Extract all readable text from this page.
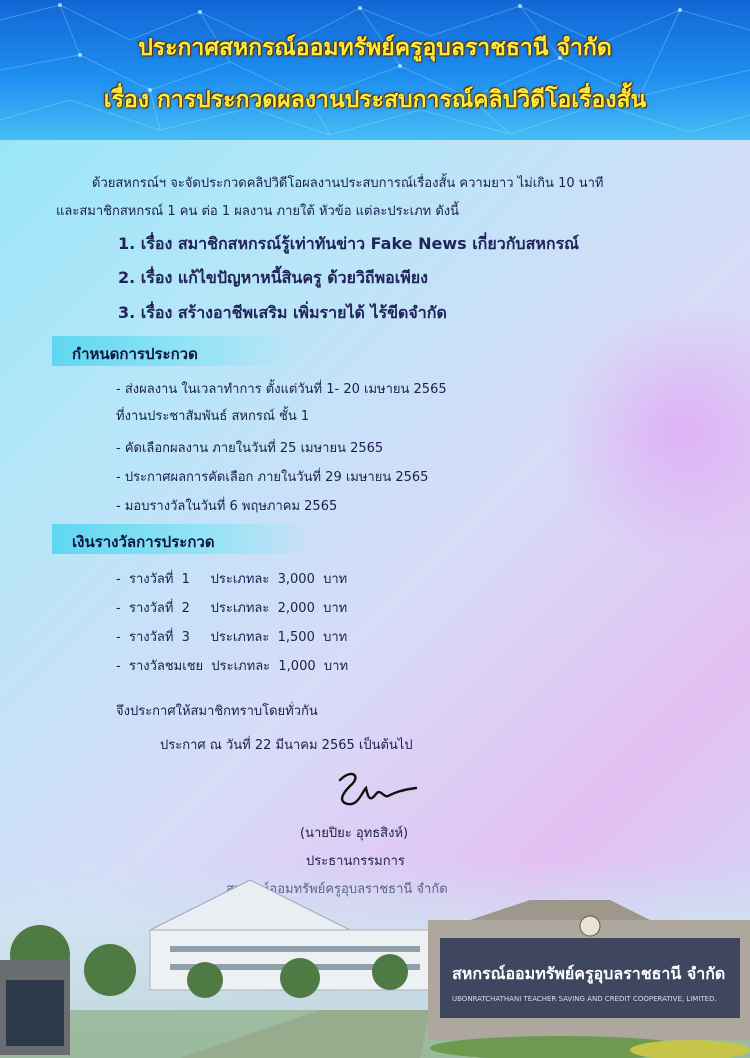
ประกาศสหกรณ์ออมทรัพย์ครูอุบลราชธานี จำกัด
เรื่อง การประกวดผลงานประสบการณ์คลิปวิดีโอเรื่องสั้น
ด้วยสหกรณ์ฯ จะจัดประกวดคลิปวิดีโอผลงานประสบการณ์เรื่องสั้น ความยาว ไม่เกิน 10 นาที
และสมาชิกสหกรณ์ 1 คน ต่อ 1 ผลงาน ภายใต้ หัวข้อ แต่ละประเภท ดังนี้
1. เรื่อง สมาชิกสหกรณ์รู้เท่าทันข่าว Fake News เกี่ยวกับสหกรณ์
2. เรื่อง แก้ไขปัญหาหนี้สินครู ด้วยวิถีพอเพียง
3. เรื่อง สร้างอาชีพเสริม เพิ่มรายได้ ไร้ขีดจำกัด
กำหนดการประกวด
- ส่งผลงาน ในเวลาทำการ ตั้งแต่วันที่ 1- 20 เมษายน 2565
ที่งานประชาสัมพันธ์ สหกรณ์ ชั้น 1
- คัดเลือกผลงาน ภายในวันที่ 25 เมษายน 2565
- ประกาศผลการคัดเลือก ภายในวันที่ 29 เมษายน 2565
- มอบรางวัลในวันที่ 6 พฤษภาคม 2565
เงินรางวัลการประกวด
-  รางวัลที่  1     ประเภทละ  3,000  บาท
-  รางวัลที่  2     ประเภทละ  2,000  บาท
-  รางวัลที่  3     ประเภทละ  1,500  บาท
-  รางวัลชมเชย  ประเภทละ  1,000  บาท
จึงประกาศให้สมาชิกทราบโดยทั่วกัน
ประกาศ ณ วันที่ 22 มีนาคม 2565 เป็นต้นไป
(นายปิยะ อุทธสิงห์)
สหกรณ์ออมทรัพย์ครูอุบลราชธานี จำกัด
UBONRATCHATHANI TEACHER SAVING AND CREDIT COOPERATIVE, LIMITED.
